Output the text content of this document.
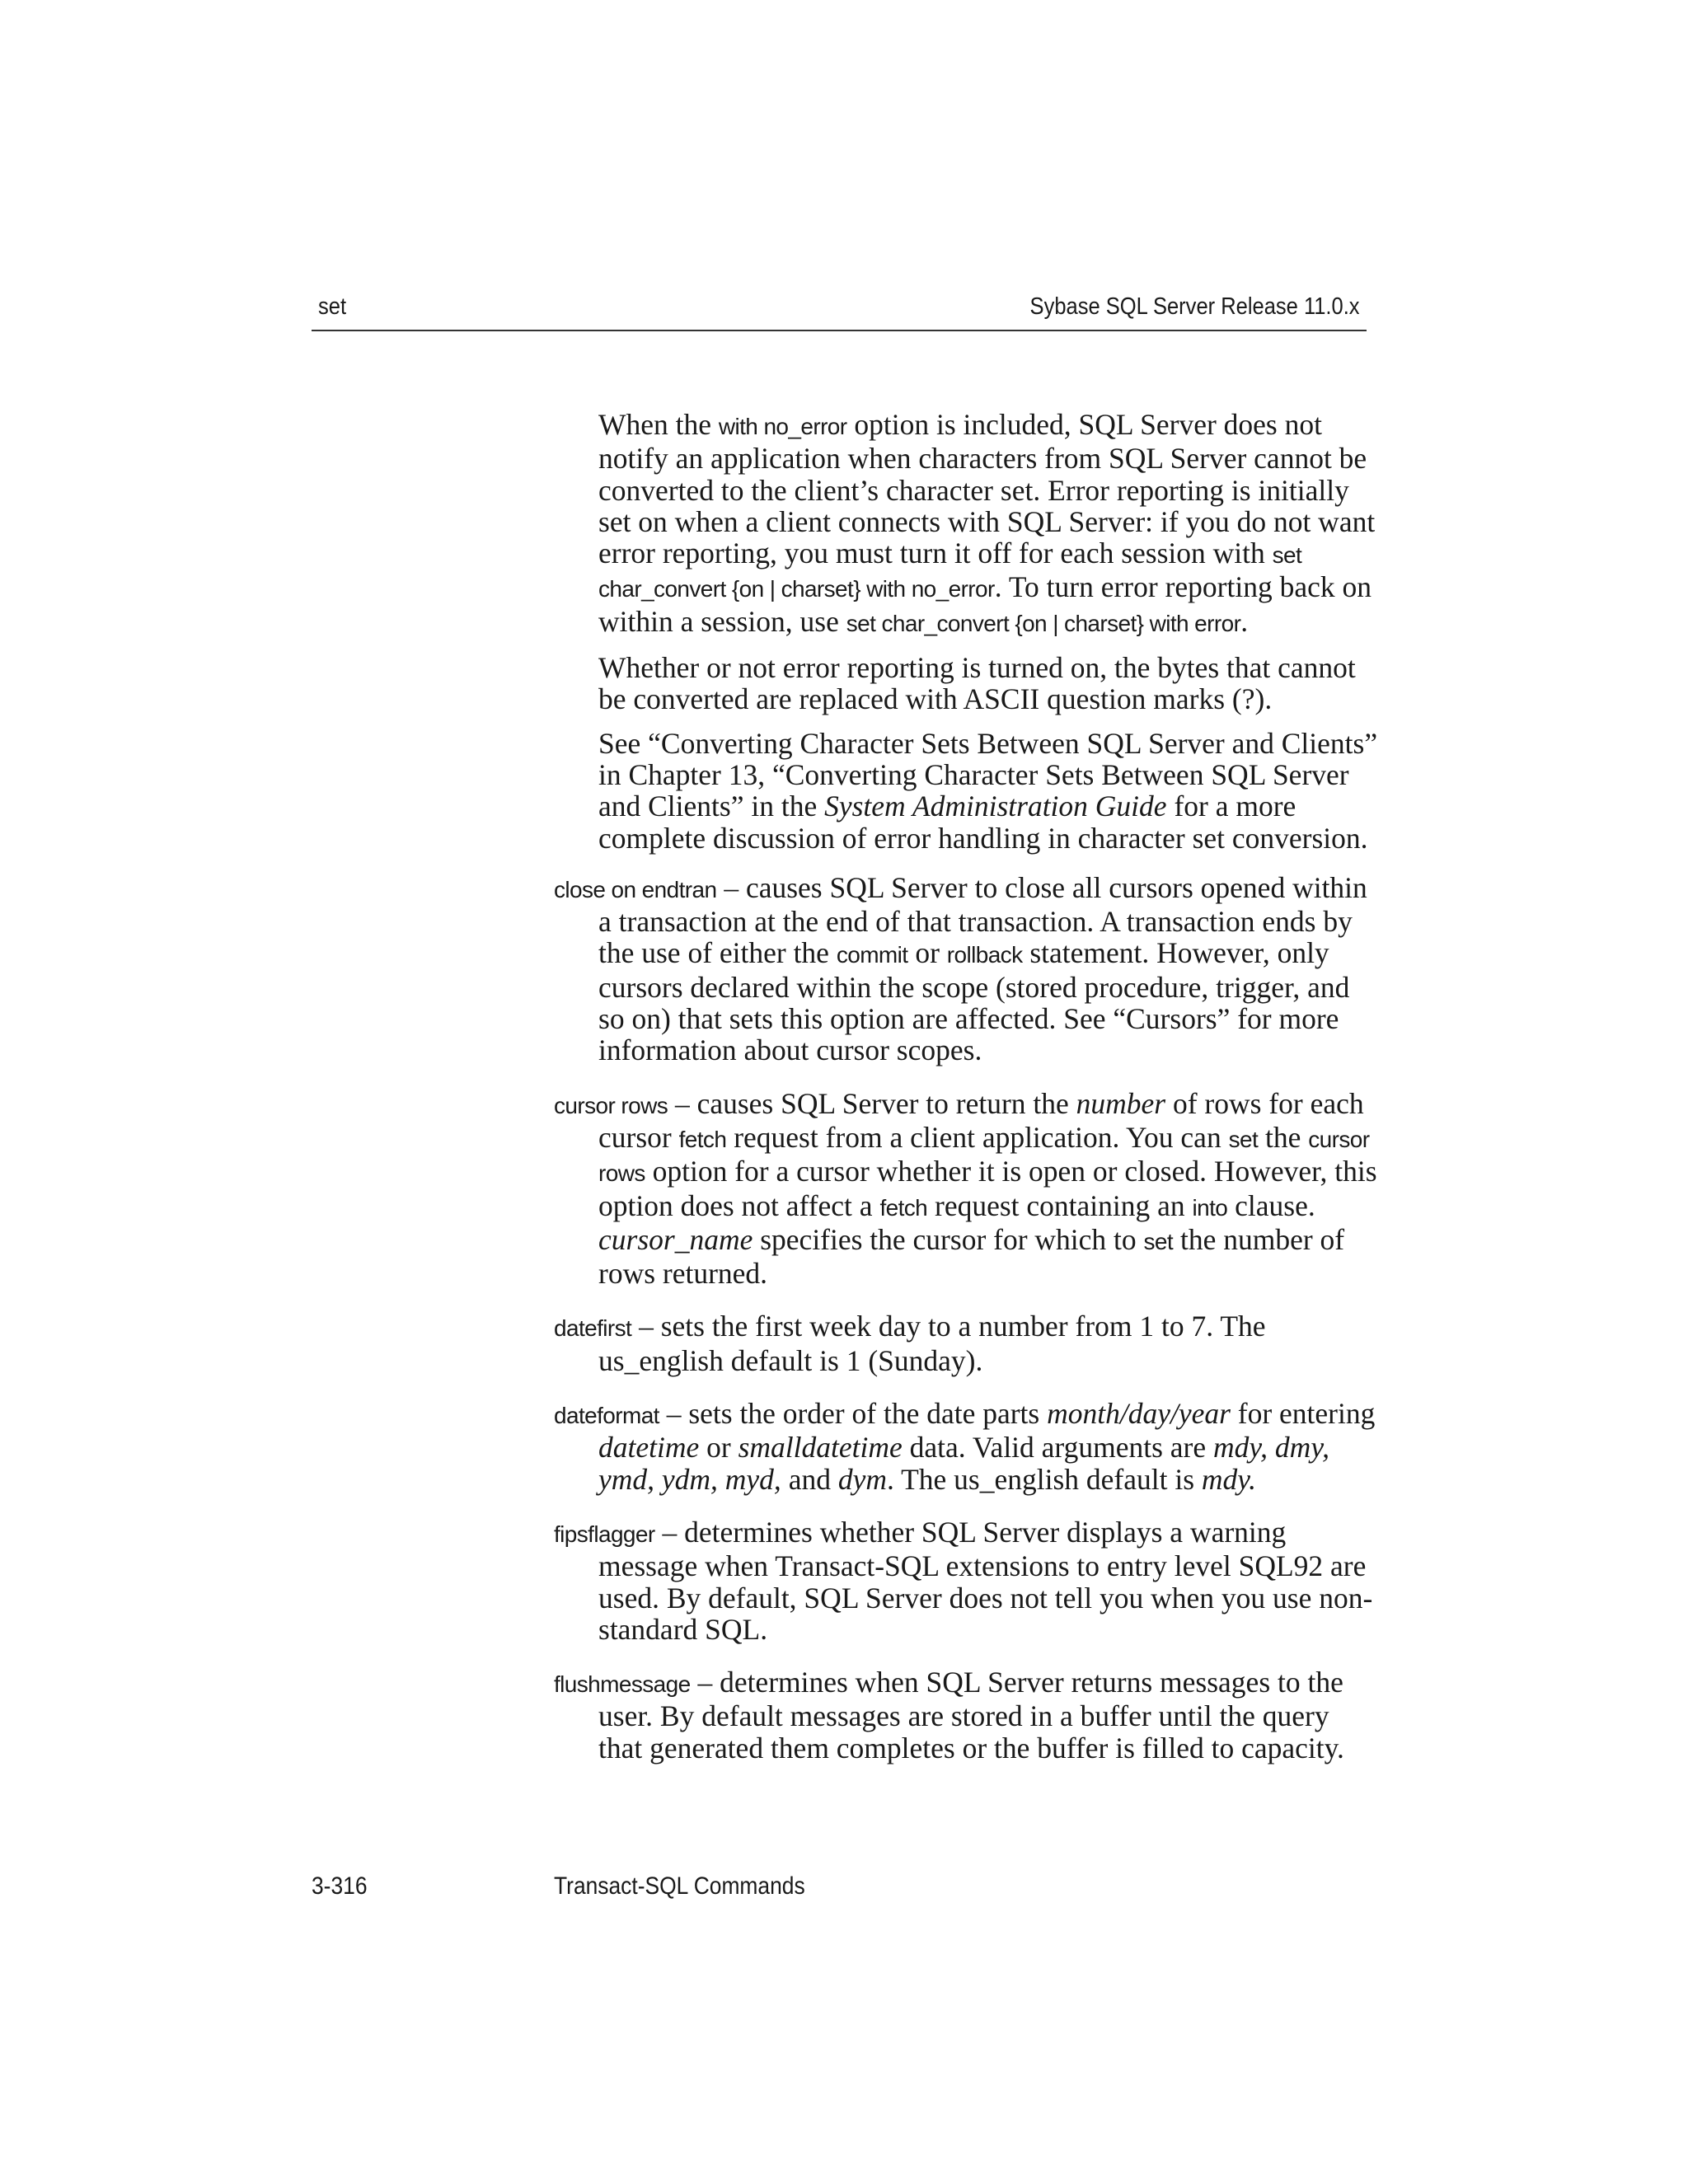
set	Sybase SQL Server Release 11.0.x

When the with no_error option is included, SQL Server does not notify an application when characters from SQL Server cannot be converted to the client’s character set. Error reporting is initially set on when a client connects with SQL Server: if you do not want error reporting, you must turn it off for each session with set char_convert {on | charset} with no_error. To turn error reporting back on within a session, use set char_convert {on | charset} with error.

Whether or not error reporting is turned on, the bytes that cannot be converted are replaced with ASCII question marks (?).

See “Converting Character Sets Between SQL Server and Clients” in Chapter 13, “Converting Character Sets Between SQL Server and Clients” in the System Administration Guide for a more complete discussion of error handling in character set conversion.

close on endtran – causes SQL Server to close all cursors opened within a transaction at the end of that transaction. A transaction ends by the use of either the commit or rollback statement. However, only cursors declared within the scope (stored procedure, trigger, and so on) that sets this option are affected. See “Cursors” for more information about cursor scopes.

cursor rows – causes SQL Server to return the number of rows for each cursor fetch request from a client application. You can set the cursor rows option for a cursor whether it is open or closed. However, this option does not affect a fetch request containing an into clause. cursor_name specifies the cursor for which to set the number of rows returned.

datefirst – sets the first week day to a number from 1 to 7. The us_english default is 1 (Sunday).

dateformat – sets the order of the date parts month/day/year for entering datetime or smalldatetime data. Valid arguments are mdy, dmy, ymd, ydm, myd, and dym. The us_english default is mdy.

fipsflagger – determines whether SQL Server displays a warning message when Transact-SQL extensions to entry level SQL92 are used. By default, SQL Server does not tell you when you use non-standard SQL.

flushmessage – determines when SQL Server returns messages to the user. By default messages are stored in a buffer until the query that generated them completes or the buffer is filled to capacity.

3-316	Transact-SQL Commands
